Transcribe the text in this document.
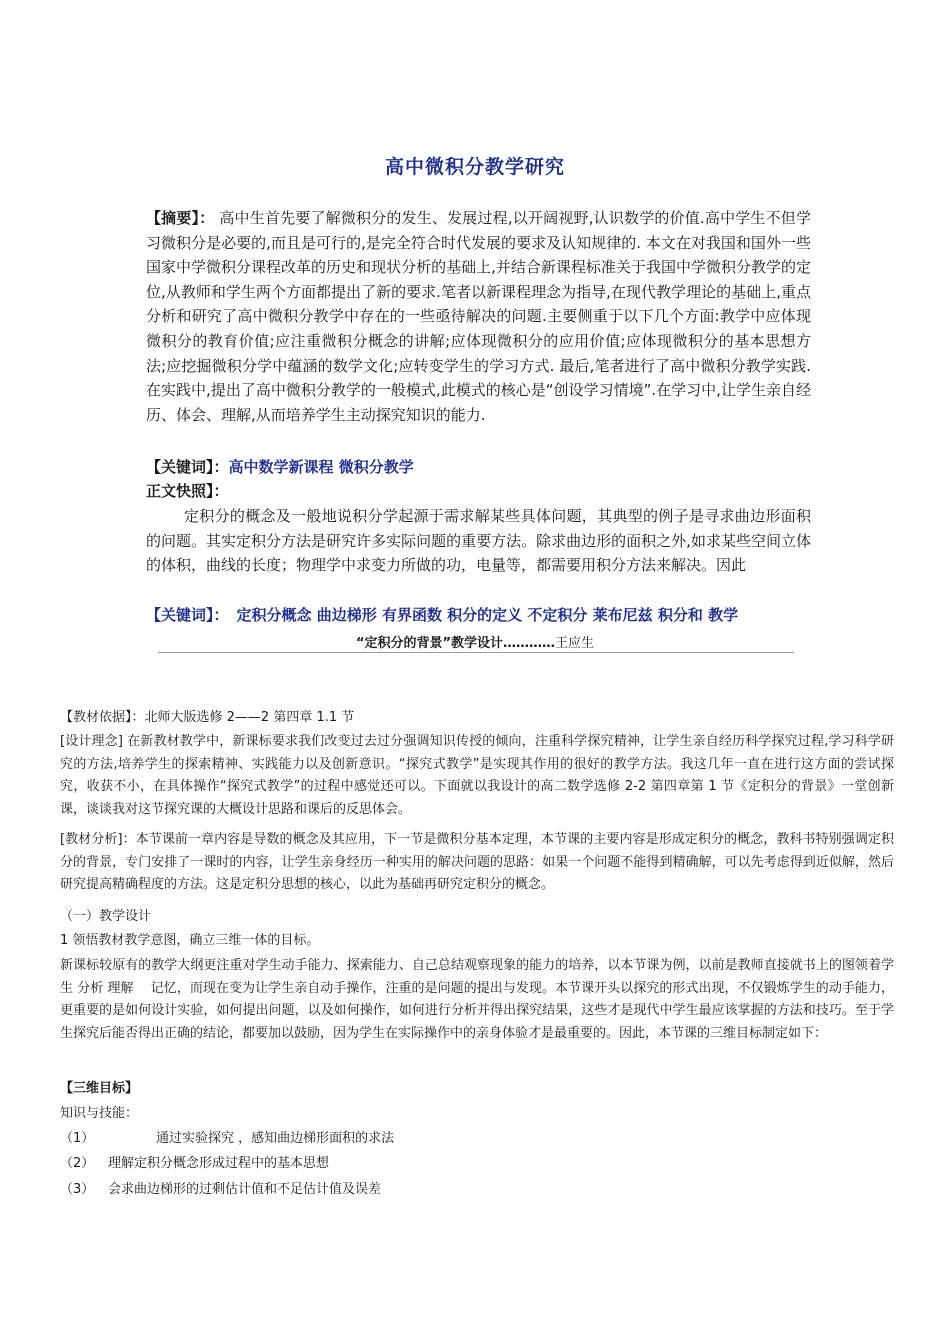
高中微积分教学研究
【摘要】： 高中生首先要了解微积分的发生、发展过程,以开阔视野,认识数学的价值.高中学生不但学习微积分是必要的,而且是可行的,是完全符合时代发展的要求及认知规律的. 本文在对我国和国外一些国家中学微积分课程改革的历史和现状分析的基础上,并结合新课程标准关于我国中学微积分教学的定位,从教师和学生两个方面都提出了新的要求.笔者以新课程理念为指导,在现代教学理论的基础上,重点分析和研究了高中微积分教学中存在的一些亟待解决的问题.主要侧重于以下几个方面:教学中应体现微积分的教育价值;应注重微积分概念的讲解;应体现微积分的应用价值;应体现微积分的基本思想方法;应挖掘微积分学中蕴涵的数学文化;应转变学生的学习方式. 最后,笔者进行了高中微积分教学实践.在实践中,提出了高中微积分教学的一般模式,此模式的核心是“创设学习情境”.在学习中,让学生亲自经历、体会、理解,从而培养学生主动探究知识的能力.
【关键词】：高中数学新课程 微积分教学
正文快照】：
定积分的概念及一般地说积分学起源于需求解某些具体问题，其典型的例子是寻求曲边形面积的问题。其实定积分方法是研究许多实际问题的重要方法。除求曲边形的面积之外,如求某些空间立体的体积，曲线的长度；物理学中求变力所做的功，电量等，都需要用积分方法来解决。因此
【关键词】： 定积分概念 曲边梯形 有界函数 积分的定义 不定积分 莱布尼兹 积分和 教学
“定积分的背景”教学设计…………王应生
【教材依据】：北师大版选修 2——2 第四章 1.1 节
[设计理念] 在新教材教学中，新课标要求我们改变过去过分强调知识传授的倾向，注重科学探究精神，让学生亲自经历科学探究过程,学习科学研究的方法,培养学生的探索精神、实践能力以及创新意识。“探究式教学”是实现其作用的很好的教学方法。我这几年一直在进行这方面的尝试探究，收获不小，在具体操作“探究式教学”的过程中感觉还可以。下面就以我设计的高二数学选修 2-2 第四章第 1 节《定积分的背景》一堂创新课，谈谈我对这节探究课的大概设计思路和课后的反思体会。
[教材分析]：本节课前一章内容是导数的概念及其应用，下一节是微积分基本定理，本节课的主要内容是形成定积分的概念，教科书特别强调定积分的背景，专门安排了一课时的内容，让学生亲身经历一种实用的解决问题的思路：如果一个问题不能得到精确解，可以先考虑得到近似解，然后研究提高精确程度的方法。这是定积分思想的核心，以此为基础再研究定积分的概念。
（一）教学设计
1 领悟教材教学意图，确立三维一体的目标。
新课标较原有的教学大纲更注重对学生动手能力、探索能力、自己总结观察现象的能力的培养，以本节课为例，以前是教师直接就书上的图领着学生 分析 理解　 记忆，而现在变为让学生亲自动手操作，注重的是问题的提出与发现。本节课开头以探究的形式出现，不仅锻炼学生的动手能力，更重要的是如何设计实验，如何提出问题，以及如何操作，如何进行分析并得出探究结果，这些才是现代中学生最应该掌握的方法和技巧。至于学生探究后能否得出正确的结论，都要加以鼓励，因为学生在实际操作中的亲身体验才是最重要的。因此，本节课的三维目标制定如下：
【三维目标】
知识与技能：
（1）	通过实验探究 ，感知曲边梯形面积的求法
（2） 理解定积分概念形成过程中的基本思想
（3） 会求曲边梯形的过剩估计值和不足估计值及误差
